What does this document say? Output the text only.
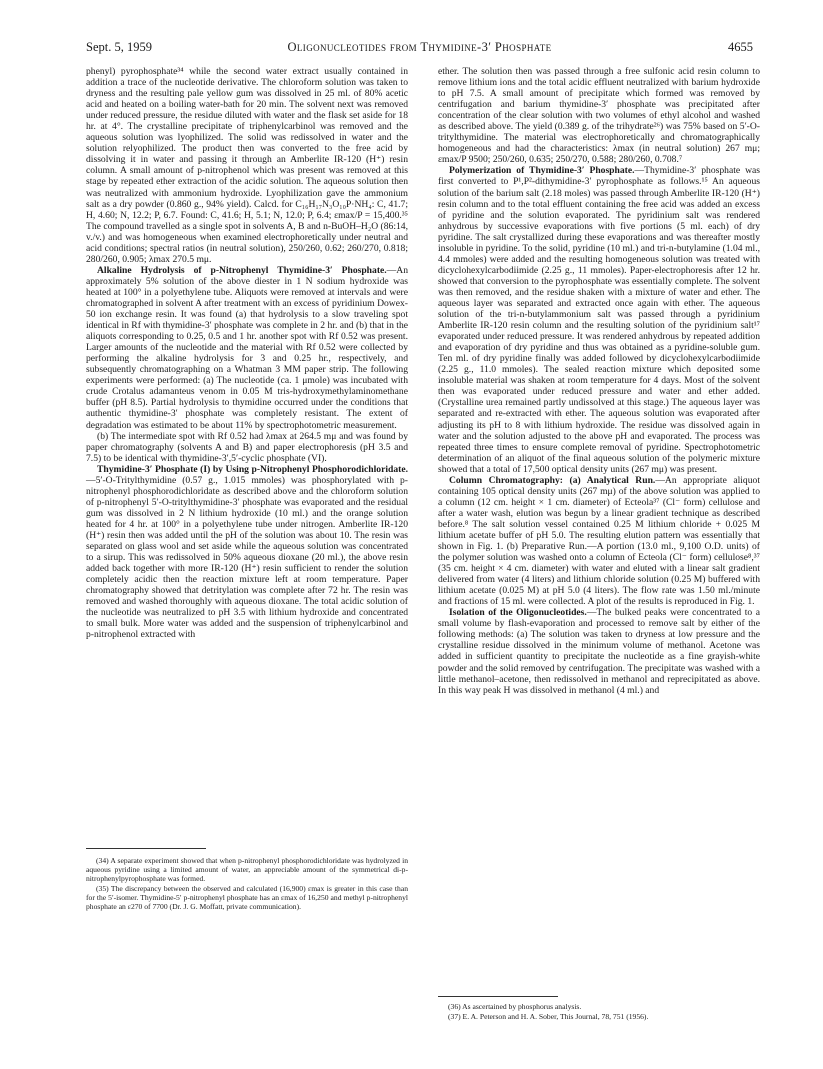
Sept. 5, 1959	Oligonucleotides from Thymidine-3′ Phosphate	4655

phenyl) pyrophosphate³⁴ while the second water extract usually contained in addition a trace of the nucleotide derivative. The chloroform solution was taken to dryness and the resulting pale yellow gum was dissolved in 25 ml. of 80% acetic acid and heated on a boiling water-bath for 20 min. The solvent next was removed under reduced pressure, the residue diluted with water and the flask set aside for 18 hr. at 4°. The crystalline precipitate of triphenylcarbinol was removed and the aqueous solution was lyophilized. The solid was redissolved in water and the solution relyophilized. The product then was converted to the free acid by dissolving it in water and passing it through an Amberlite IR-120 (H⁺) resin column. A small amount of p-nitrophenol which was present was removed at this stage by repeated ether extraction of the acidic solution. The aqueous solution then was neutralized with ammonium hydroxide. Lyophilization gave the ammonium salt as a dry powder (0.860 g., 94% yield). Calcd. for C₁₆H₁₇N₃O₁₀P·NH₄: C, 41.7; H, 4.60; N, 12.2; P, 6.7. Found: C, 41.6; H, 5.1; N, 12.0; P, 6.4; εmax/P = 15,400.³⁵ The compound travelled as a single spot in solvents A, B and n-BuOH–H₂O (86:14, v./v.) and was homogeneous when examined electrophoretically under neutral and acid conditions; spectral ratios (in neutral solution), 250/260, 0.62; 260/270, 0.818; 280/260, 0.905; λmax 270.5 mμ.

Alkaline Hydrolysis of p-Nitrophenyl Thymidine-3′ Phosphate.—An approximately 5% solution of the above diester in 1 N sodium hydroxide was heated at 100° in a polyethylene tube. Aliquots were removed at intervals and were chromatographed in solvent A after treatment with an excess of pyridinium Dowex-50 ion exchange resin. It was found (a) that hydrolysis to a slow traveling spot identical in Rf with thymidine-3′ phosphate was complete in 2 hr. and (b) that in the aliquots corresponding to 0.25, 0.5 and 1 hr. another spot with Rf 0.52 was present. Larger amounts of the nucleotide and the material with Rf 0.52 were collected by performing the alkaline hydrolysis for 3 and 0.25 hr., respectively, and subsequently chromatographing on a Whatman 3 MM paper strip. The following experiments were performed: (a) The nucleotide (ca. 1 μmole) was incubated with crude Crotalus adamanteus venom in 0.05 M tris-hydroxymethylaminomethane buffer (pH 8.5). Partial hydrolysis to thymidine occurred under the conditions that authentic thymidine-3′ phosphate was completely resistant. The extent of degradation was estimated to be about 11% by spectrophotometric measurement.

(b) The intermediate spot with Rf 0.52 had λmax at 264.5 mμ and was found by paper chromatography (solvents A and B) and paper electrophoresis (pH 3.5 and 7.5) to be identical with thymidine-3′,5′-cyclic phosphate (VI).

Thymidine-3′ Phosphate (I) by Using p-Nitrophenyl Phosphorodichloridate.—5′-O-Tritylthymidine (0.57 g., 1.015 mmoles) was phosphorylated with p-nitrophenyl phosphorodichloridate as described above and the chloroform solution of p-nitrophenyl 5′-O-tritylthymidine-3′ phosphate was evaporated and the residual gum was dissolved in 2 N lithium hydroxide (10 ml.) and the orange solution heated for 4 hr. at 100° in a polyethylene tube under nitrogen. Amberlite IR-120 (H⁺) resin then was added until the pH of the solution was about 10. The resin was separated on glass wool and set aside while the aqueous solution was concentrated to a sirup. This was redissolved in 50% aqueous dioxane (20 ml.), the above resin added back together with more IR-120 (H⁺) resin sufficient to render the solution completely acidic then the reaction mixture left at room temperature. Paper chromatography showed that detritylation was complete after 72 hr. The resin was removed and washed thoroughly with aqueous dioxane. The total acidic solution of the nucleotide was neutralized to pH 3.5 with lithium hydroxide and concentrated to small bulk. More water was added and the suspension of triphenylcarbinol and p-nitrophenol extracted with

(34) A separate experiment showed that when p-nitrophenyl phosphorodichloridate was hydrolyzed in aqueous pyridine using a limited amount of water, an appreciable amount of the symmetrical di-p-nitrophenylpyrophosphate was formed.

(35) The discrepancy between the observed and calculated (16,900) εmax is greater in this case than for the 5′-isomer. Thymidine-5′ p-nitrophenyl phosphate has an εmax of 16,250 and methyl p-nitrophenyl phosphate an ε270 of 7700 (Dr. J. G. Moffatt, private communication).

ether. The solution then was passed through a free sulfonic acid resin column to remove lithium ions and the total acidic effluent neutralized with barium hydroxide to pH 7.5. A small amount of precipitate which formed was removed by centrifugation and barium thymidine-3′ phosphate was precipitated after concentration of the clear solution with two volumes of ethyl alcohol and washed as described above. The yield (0.389 g. of the trihydrate²⁶) was 75% based on 5′-O-tritylthymidine. The material was electrophoretically and chromatographically homogeneous and had the characteristics: λmax (in neutral solution) 267 mμ; εmax/P 9500; 250/260, 0.635; 250/270, 0.588; 280/260, 0.708.⁷

Polymerization of Thymidine-3′ Phosphate.—Thymidine-3′ phosphate was first converted to P¹,P²-dithymidine-3′ pyrophosphate as follows.¹⁵ An aqueous solution of the barium salt (2.18 moles) was passed through Amberlite IR-120 (H⁺) resin column and to the total effluent containing the free acid was added an excess of pyridine and the solution evaporated. The pyridinium salt was rendered anhydrous by successive evaporations with five portions (5 ml. each) of dry pyridine. The salt crystallized during these evaporations and was thereafter mostly insoluble in pyridine. To the solid, pyridine (10 ml.) and tri-n-butylamine (1.04 ml., 4.4 mmoles) were added and the resulting homogeneous solution was treated with dicyclohexylcarbodiimide (2.25 g., 11 mmoles). Paper-electrophoresis after 12 hr. showed that conversion to the pyrophosphate was essentially complete. The solvent was then removed, and the residue shaken with a mixture of water and ether. The aqueous layer was separated and extracted once again with ether. The aqueous solution of the tri-n-butylammonium salt was passed through a pyridinium Amberlite IR-120 resin column and the resulting solution of the pyridinium salt¹⁷ evaporated under reduced pressure. It was rendered anhydrous by repeated addition and evaporation of dry pyridine and thus was obtained as a pyridine-soluble gum. Ten ml. of dry pyridine finally was added followed by dicyclohexylcarbodiimide (2.25 g., 11.0 mmoles). The sealed reaction mixture which deposited some insoluble material was shaken at room temperature for 4 days. Most of the solvent then was evaporated under reduced pressure and water and ether added. (Crystalline urea remained partly undissolved at this stage.) The aqueous layer was separated and re-extracted with ether. The aqueous solution was evaporated after adjusting its pH to 8 with lithium hydroxide. The residue was dissolved again in water and the solution adjusted to the above pH and evaporated. The process was repeated three times to ensure complete removal of pyridine. Spectrophotometric determination of an aliquot of the final aqueous solution of the polymeric mixture showed that a total of 17,500 optical density units (267 mμ) was present.

Column Chromatography: (a) Analytical Run.—An appropriate aliquot containing 105 optical density units (267 mμ) of the above solution was applied to a column (12 cm. height × 1 cm. diameter) of Ecteola³⁷ (Cl⁻ form) cellulose and after a water wash, elution was begun by a linear gradient technique as described before.⁸ The salt solution vessel contained 0.25 M lithium chloride + 0.025 M lithium acetate buffer of pH 5.0. The resulting elution pattern was essentially that shown in Fig. 1. (b) Preparative Run.—A portion (13.0 ml., 9,100 O.D. units) of the polymer solution was washed onto a column of Ecteola (Cl⁻ form) cellulose⁸,³⁷ (35 cm. height × 4 cm. diameter) with water and eluted with a linear salt gradient delivered from water (4 liters) and lithium chloride solution (0.25 M) buffered with lithium acetate (0.025 M) at pH 5.0 (4 liters). The flow rate was 1.50 ml./minute and fractions of 15 ml. were collected. A plot of the results is reproduced in Fig. 1.

Isolation of the Oligonucleotides.—The bulked peaks were concentrated to a small volume by flash-evaporation and processed to remove salt by either of the following methods: (a) The solution was taken to dryness at low pressure and the crystalline residue dissolved in the minimum volume of methanol. Acetone was added in sufficient quantity to precipitate the nucleotide as a fine grayish-white powder and the solid removed by centrifugation. The precipitate was washed with a little methanol–acetone, then redissolved in methanol and reprecipitated as above. In this way peak H was dissolved in methanol (4 ml.) and

(36) As ascertained by phosphorus analysis.

(37) E. A. Peterson and H. A. Sober, This Journal, 78, 751 (1956).
